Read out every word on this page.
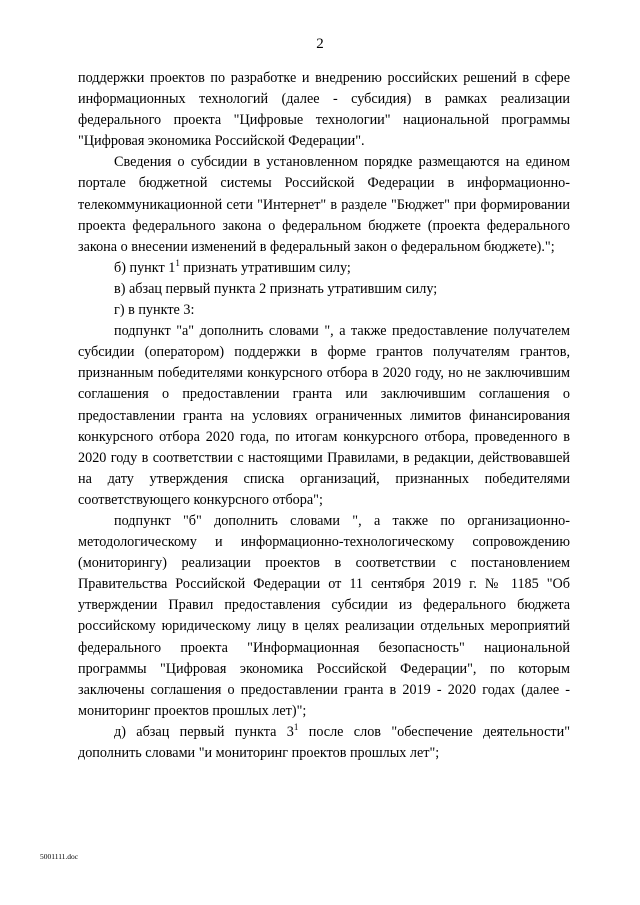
2

поддержки проектов по разработке и внедрению российских решений в сфере информационных технологий (далее - субсидия) в рамках реализации федерального проекта "Цифровые технологии" национальной программы "Цифровая экономика Российской Федерации".

Сведения о субсидии в установленном порядке размещаются на едином портале бюджетной системы Российской Федерации в информационно-телекоммуникационной сети "Интернет" в разделе "Бюджет" при формировании проекта федерального закона о федеральном бюджете (проекта федерального закона о внесении изменений в федеральный закон о федеральном бюджете).";

б) пункт $1^1$ признать утратившим силу;

в) абзац первый пункта 2 признать утратившим силу;

г) в пункте 3:

подпункт "а" дополнить словами ", а также предоставление получателем субсидии (оператором) поддержки в форме грантов получателям грантов, признанным победителями конкурсного отбора в 2020 году, но не заключившим соглашения о предоставлении гранта или заключившим соглашения о предоставлении гранта на условиях ограниченных лимитов финансирования конкурсного отбора 2020 года, по итогам конкурсного отбора, проведенного в 2020 году в соответствии с настоящими Правилами, в редакции, действовавшей на дату утверждения списка организаций, признанных победителями соответствующего конкурсного отбора";

подпункт "б" дополнить словами ", а также по организационно-методологическому и информационно-технологическому сопровождению (мониторингу) реализации проектов в соответствии с постановлением Правительства Российской Федерации от 11 сентября 2019 г. № 1185 "Об утверждении Правил предоставления субсидии из федерального бюджета российскому юридическому лицу в целях реализации отдельных мероприятий федерального проекта "Информационная безопасность" национальной программы "Цифровая экономика Российской Федерации", по которым заключены соглашения о предоставлении гранта в 2019 - 2020 годах (далее - мониторинг проектов прошлых лет)";

д) абзац первый пункта $3^1$ после слов "обеспечение деятельности" дополнить словами "и мониторинг проектов прошлых лет";

5001111.doc
